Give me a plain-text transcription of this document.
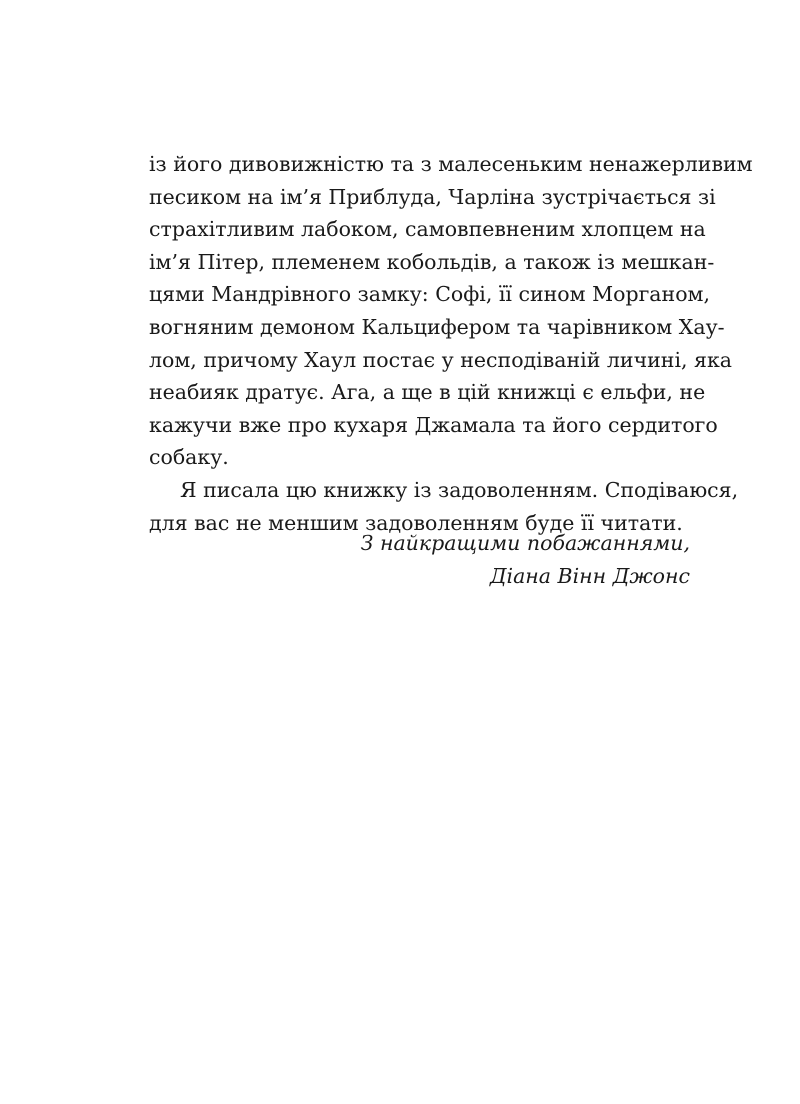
із його дивовижністю та з малесеньким ненажерливим
песиком на ім’я Приблуда, Чарліна зустрічається зі
страхітливим лабоком, самовпевненим хлопцем на
ім’я Пітер, племенем кобольдів, а також із мешкан-
цями Мандрівного замку: Софі, її сином Морганом,
вогняним демоном Кальцифером та чарівником Хау-
лом, причому Хаул постає у несподіваній личині, яка
неабияк дратує. Ага, а ще в цій книжці є ельфи, не
кажучи вже про кухаря Джамала та його сердитого
собаку.
Я писала цю книжку із задоволенням. Сподіваюся,
для вас не меншим задоволенням буде її читати.
З найкращими побажаннями,
Діана Вінн Джонс
